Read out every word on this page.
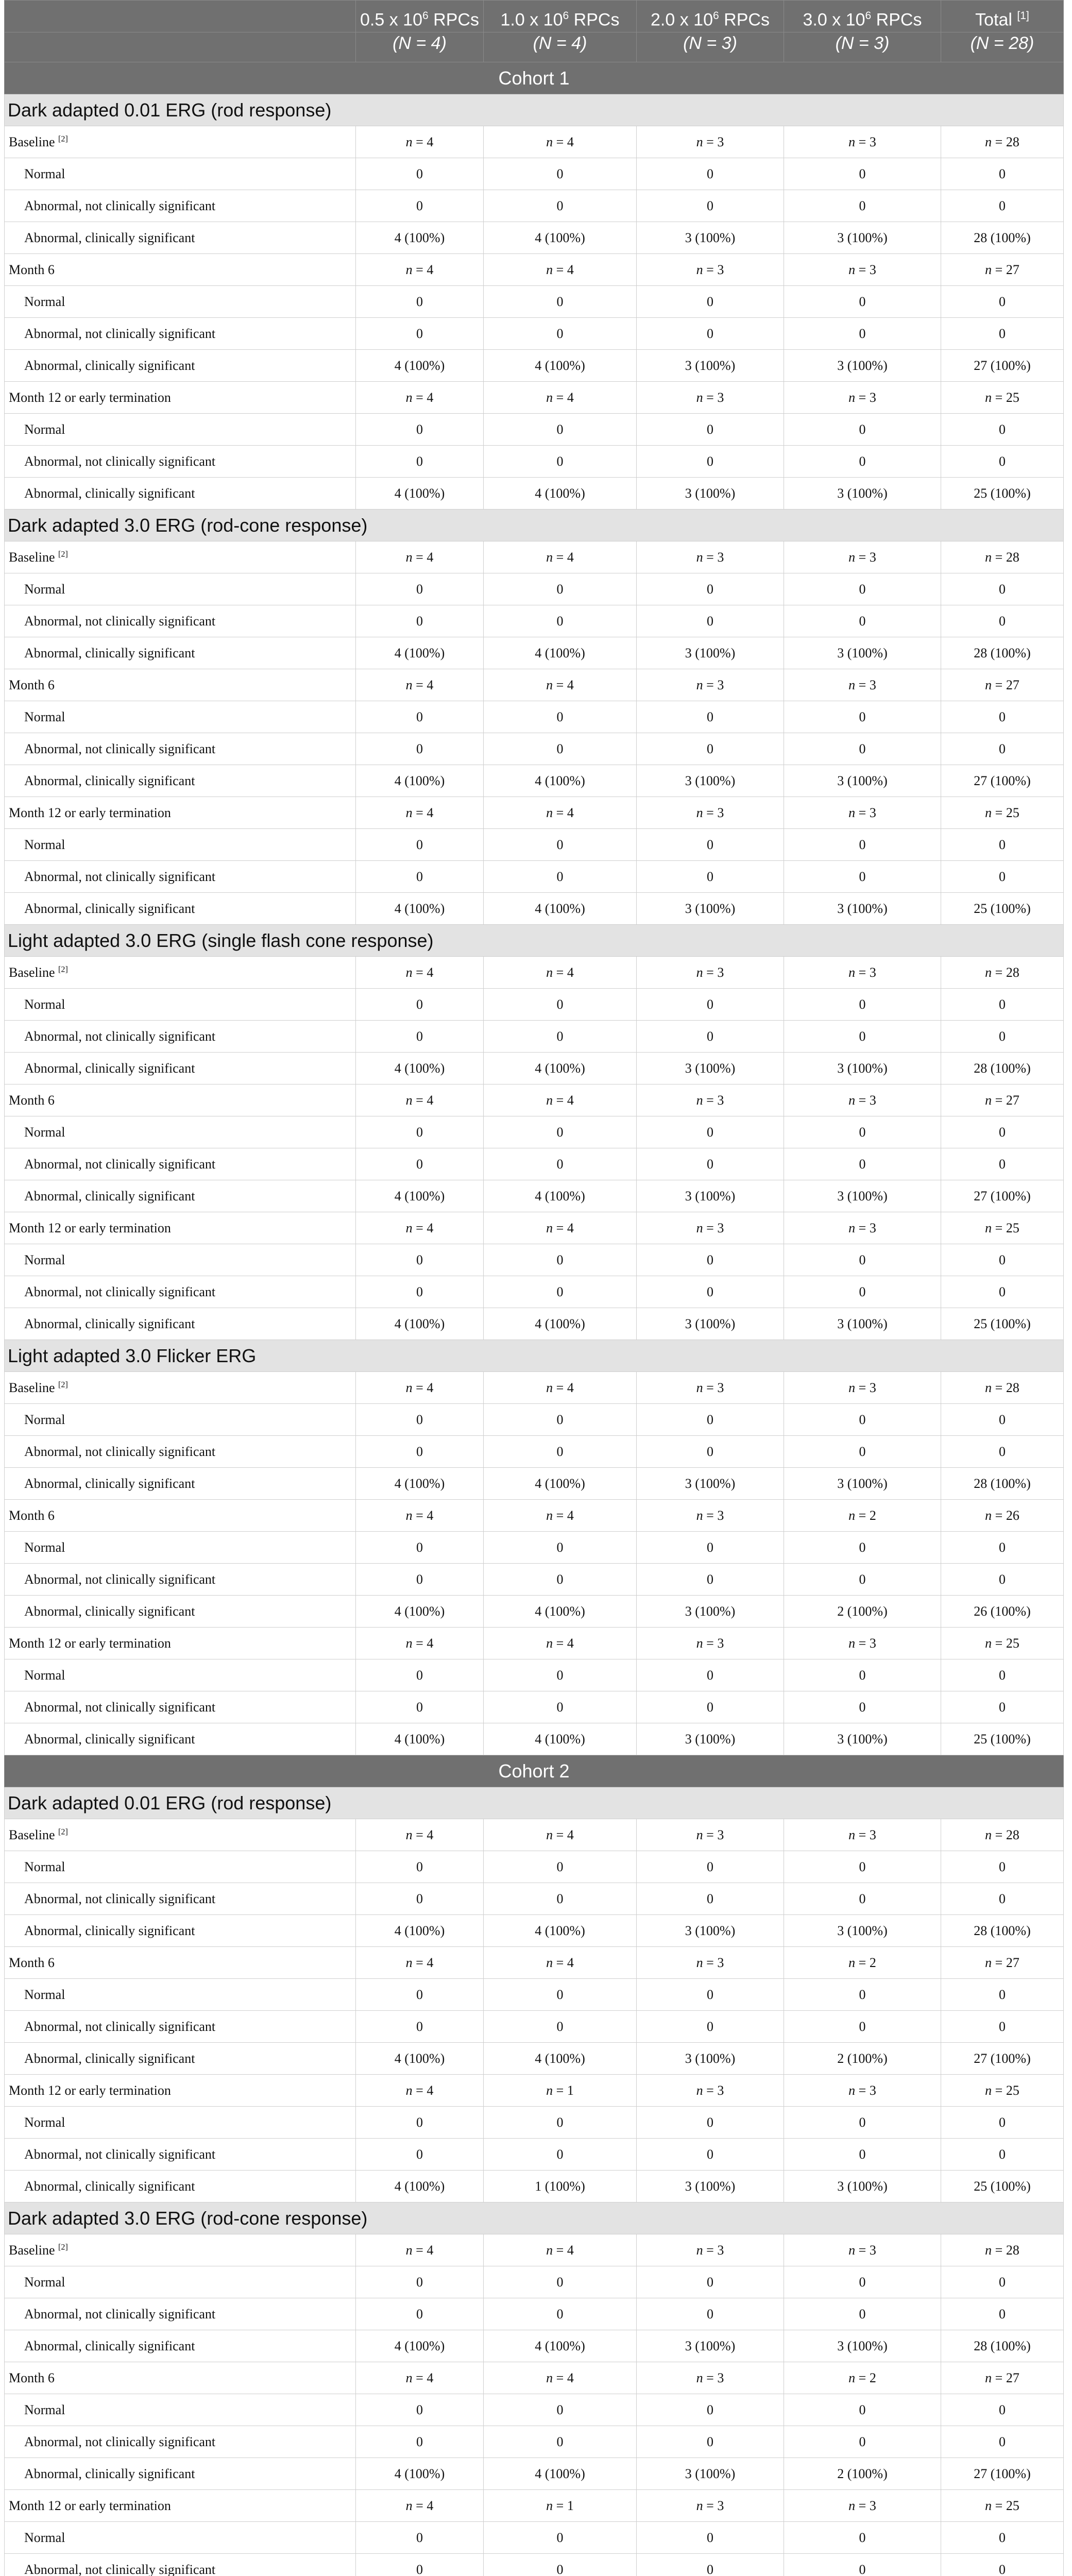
	0.5 x $10^6$ RPCs	1.0 x $10^6$ RPCs	2.0 x $10^6$ RPCs	3.0 x $10^6$ RPCs	Total [1]
	(N = 4)	(N = 4)	(N = 3)	(N = 3)	(N = 28)
Cohort 1					
Dark adapted 0.01 ERG (rod response)					
Baseline [2]	n = 4	n = 4	n = 3	n = 3	n = 28
Normal	0	0	0	0	0
Abnormal, not clinically significant	0	0	0	0	0
Abnormal, clinically significant	4 (100%)	4 (100%)	3 (100%)	3 (100%)	28 (100%)
Month 6	n = 4	n = 4	n = 3	n = 3	n = 27
Normal	0	0	0	0	0
Abnormal, not clinically significant	0	0	0	0	0
Abnormal, clinically significant	4 (100%)	4 (100%)	3 (100%)	3 (100%)	27 (100%)
Month 12 or early termination	n = 4	n = 4	n = 3	n = 3	n = 25
Normal	0	0	0	0	0
Abnormal, not clinically significant	0	0	0	0	0
Abnormal, clinically significant	4 (100%)	4 (100%)	3 (100%)	3 (100%)	25 (100%)
Dark adapted 3.0 ERG (rod-cone response)					
Baseline [2]	n = 4	n = 4	n = 3	n = 3	n = 28
Normal	0	0	0	0	0
Abnormal, not clinically significant	0	0	0	0	0
Abnormal, clinically significant	4 (100%)	4 (100%)	3 (100%)	3 (100%)	28 (100%)
Month 6	n = 4	n = 4	n = 3	n = 3	n = 27
Normal	0	0	0	0	0
Abnormal, not clinically significant	0	0	0	0	0
Abnormal, clinically significant	4 (100%)	4 (100%)	3 (100%)	3 (100%)	27 (100%)
Month 12 or early termination	n = 4	n = 4	n = 3	n = 3	n = 25
Normal	0	0	0	0	0
Abnormal, not clinically significant	0	0	0	0	0
Abnormal, clinically significant	4 (100%)	4 (100%)	3 (100%)	3 (100%)	25 (100%)
Light adapted 3.0 ERG (single flash cone response)					
Baseline [2]	n = 4	n = 4	n = 3	n = 3	n = 28
Normal	0	0	0	0	0
Abnormal, not clinically significant	0	0	0	0	0
Abnormal, clinically significant	4 (100%)	4 (100%)	3 (100%)	3 (100%)	28 (100%)
Month 6	n = 4	n = 4	n = 3	n = 3	n = 27
Normal	0	0	0	0	0
Abnormal, not clinically significant	0	0	0	0	0
Abnormal, clinically significant	4 (100%)	4 (100%)	3 (100%)	3 (100%)	27 (100%)
Month 12 or early termination	n = 4	n = 4	n = 3	n = 3	n = 25
Normal	0	0	0	0	0
Abnormal, not clinically significant	0	0	0	0	0
Abnormal, clinically significant	4 (100%)	4 (100%)	3 (100%)	3 (100%)	25 (100%)
Light adapted 3.0 Flicker ERG					
Baseline [2]	n = 4	n = 4	n = 3	n = 3	n = 28
Normal	0	0	0	0	0
Abnormal, not clinically significant	0	0	0	0	0
Abnormal, clinically significant	4 (100%)	4 (100%)	3 (100%)	3 (100%)	28 (100%)
Month 6	n = 4	n = 4	n = 3	n = 2	n = 26
Normal	0	0	0	0	0
Abnormal, not clinically significant	0	0	0	0	0
Abnormal, clinically significant	4 (100%)	4 (100%)	3 (100%)	2 (100%)	26 (100%)
Month 12 or early termination	n = 4	n = 4	n = 3	n = 3	n = 25
Normal	0	0	0	0	0
Abnormal, not clinically significant	0	0	0	0	0
Abnormal, clinically significant	4 (100%)	4 (100%)	3 (100%)	3 (100%)	25 (100%)
Cohort 2					
Dark adapted 0.01 ERG (rod response)					
Baseline [2]	n = 4	n = 4	n = 3	n = 3	n = 28
Normal	0	0	0	0	0
Abnormal, not clinically significant	0	0	0	0	0
Abnormal, clinically significant	4 (100%)	4 (100%)	3 (100%)	3 (100%)	28 (100%)
Month 6	n = 4	n = 4	n = 3	n = 2	n = 27
Normal	0	0	0	0	0
Abnormal, not clinically significant	0	0	0	0	0
Abnormal, clinically significant	4 (100%)	4 (100%)	3 (100%)	2 (100%)	27 (100%)
Month 12 or early termination	n = 4	n = 1	n = 3	n = 3	n = 25
Normal	0	0	0	0	0
Abnormal, not clinically significant	0	0	0	0	0
Abnormal, clinically significant	4 (100%)	1 (100%)	3 (100%)	3 (100%)	25 (100%)
Dark adapted 3.0 ERG (rod-cone response)					
Baseline [2]	n = 4	n = 4	n = 3	n = 3	n = 28
Normal	0	0	0	0	0
Abnormal, not clinically significant	0	0	0	0	0
Abnormal, clinically significant	4 (100%)	4 (100%)	3 (100%)	3 (100%)	28 (100%)
Month 6	n = 4	n = 4	n = 3	n = 2	n = 27
Normal	0	0	0	0	0
Abnormal, not clinically significant	0	0	0	0	0
Abnormal, clinically significant	4 (100%)	4 (100%)	3 (100%)	2 (100%)	27 (100%)
Month 12 or early termination	n = 4	n = 1	n = 3	n = 3	n = 25
Normal	0	0	0	0	0
Abnormal, not clinically significant	0	0	0	0	0
